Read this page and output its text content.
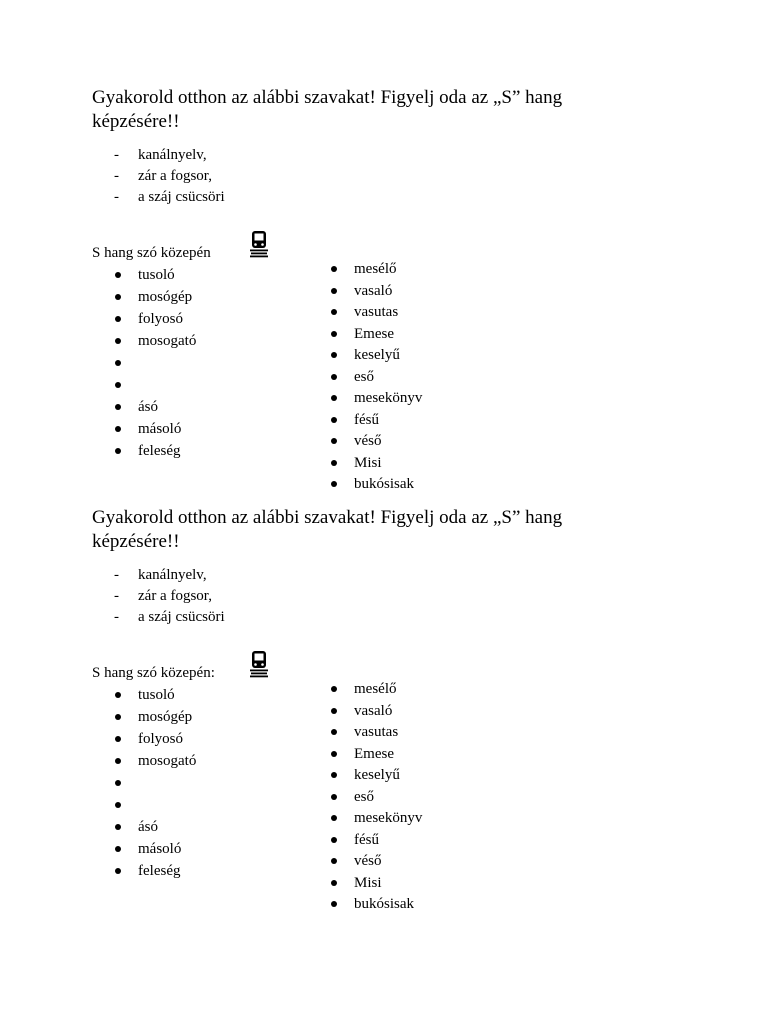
Gyakorold otthon az alábbi szavakat! Figyelj oda az „S” hang képzésére!!

- kanálnyelv,
- zár a fogsor,
- a száj csücsöri
S hang szó közepén
tusoló
mosógép
folyosó
mosogató
ásó
másoló
feleség
mesélő
vasaló
vasutas
Emese
keselyű
eső
mesekönyv
fésű
véső
Misi
bukósisak

Gyakorold otthon az alábbi szavakat! Figyelj oda az „S” hang képzésére!!

- kanálnyelv,
- zár a fogsor,
- a száj csücsöri
S hang szó közepén:
tusoló
mosógép
folyosó
mosogató
ásó
másoló
feleség
mesélő
vasaló
vasutas
Emese
keselyű
eső
mesekönyv
fésű
véső
Misi
bukósisak
